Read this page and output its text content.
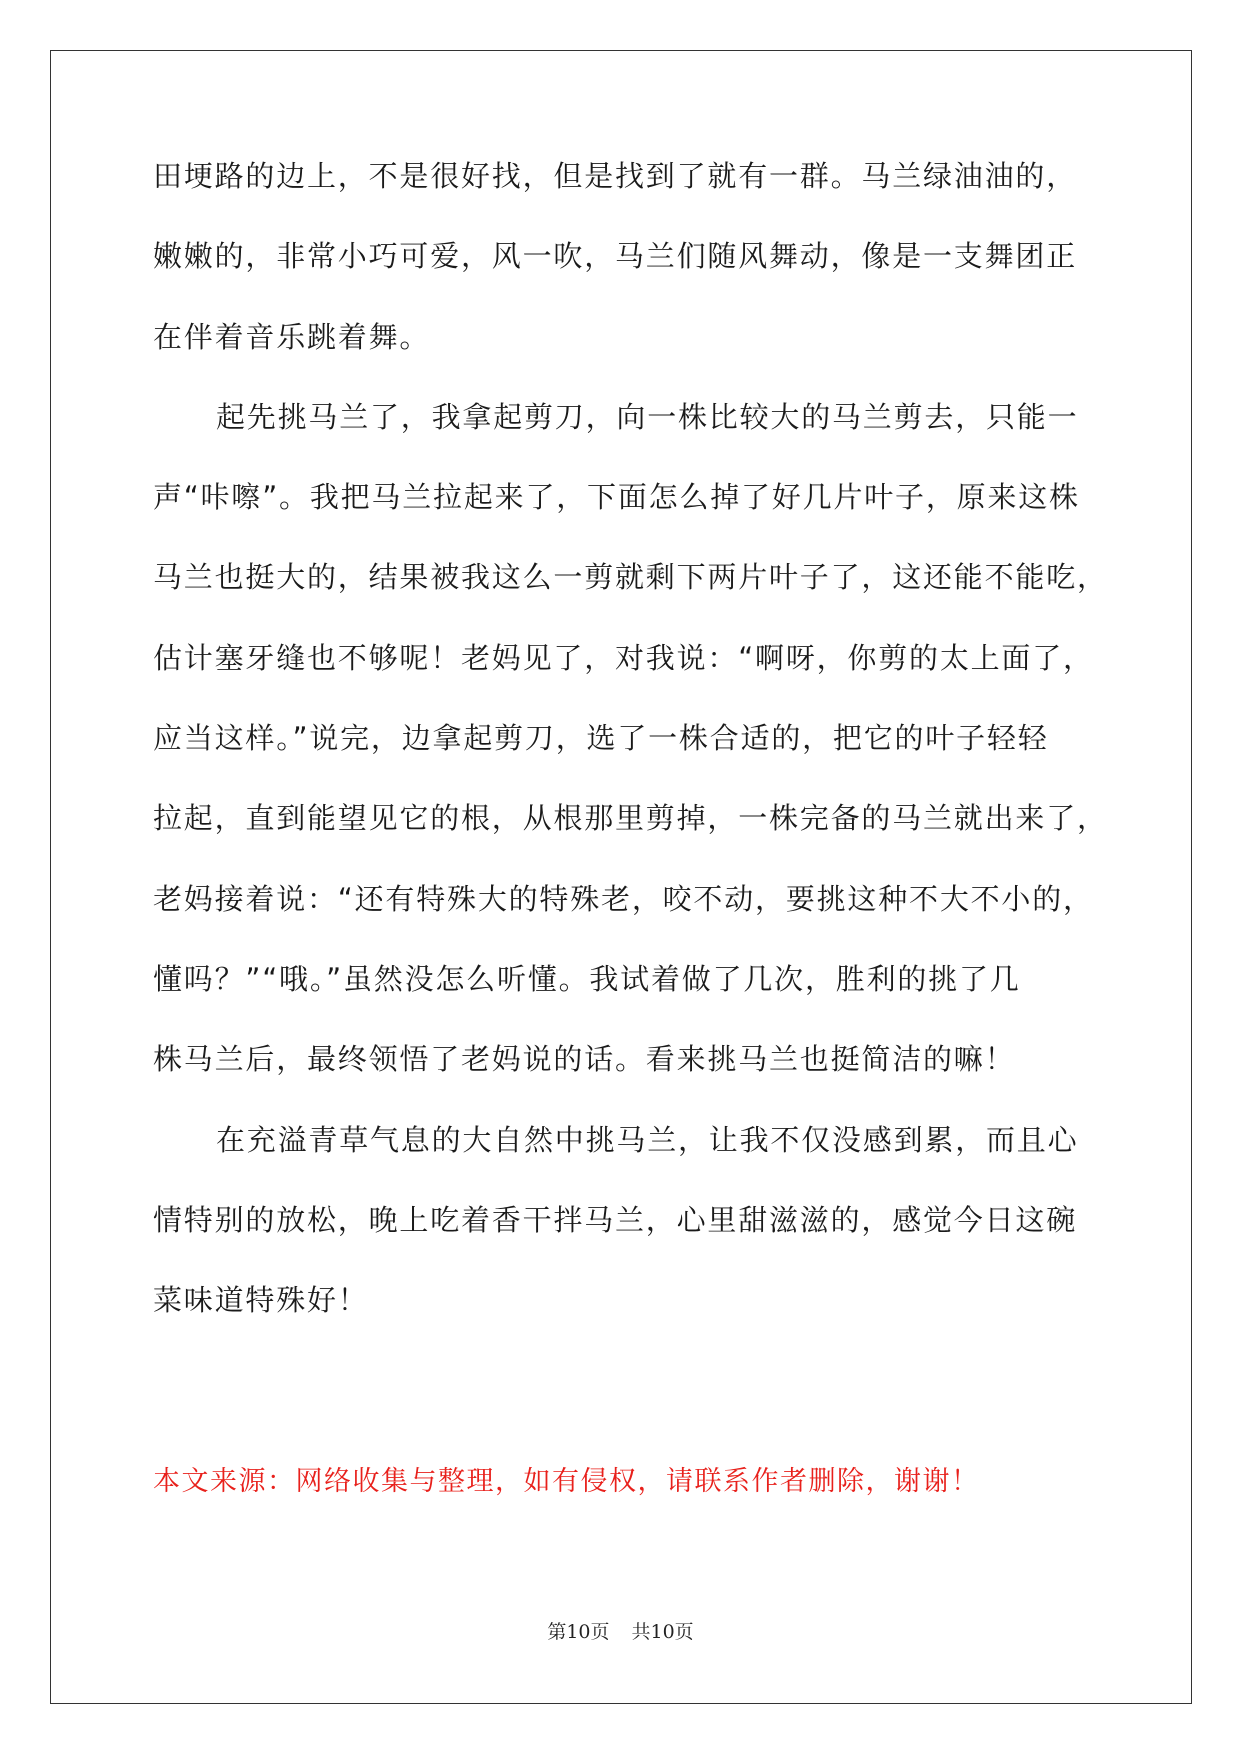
田埂路的边上，不是很好找，但是找到了就有一群。马兰绿油油的，
嫩嫩的，非常小巧可爱，风一吹，马兰们随风舞动，像是一支舞团正
在伴着音乐跳着舞。
起先挑马兰了，我拿起剪刀，向一株比较大的马兰剪去，只能一
声“咔嚓”。我把马兰拉起来了，下面怎么掉了好几片叶子，原来这株
马兰也挺大的，结果被我这么一剪就剩下两片叶子了，这还能不能吃，
估计塞牙缝也不够呢！老妈见了，对我说：“啊呀，你剪的太上面了，
应当这样。”说完，边拿起剪刀，选了一株合适的，把它的叶子轻轻
拉起，直到能望见它的根，从根那里剪掉，一株完备的马兰就出来了，
老妈接着说：“还有特殊大的特殊老，咬不动，要挑这种不大不小的，
懂吗？”“哦。”虽然没怎么听懂。我试着做了几次，胜利的挑了几
株马兰后，最终领悟了老妈说的话。看来挑马兰也挺简洁的嘛！
在充溢青草气息的大自然中挑马兰，让我不仅没感到累，而且心
情特别的放松，晚上吃着香干拌马兰，心里甜滋滋的，感觉今日这碗
菜味道特殊好！
本文来源：网络收集与整理，如有侵权，请联系作者删除，谢谢！
第10页 共10页
